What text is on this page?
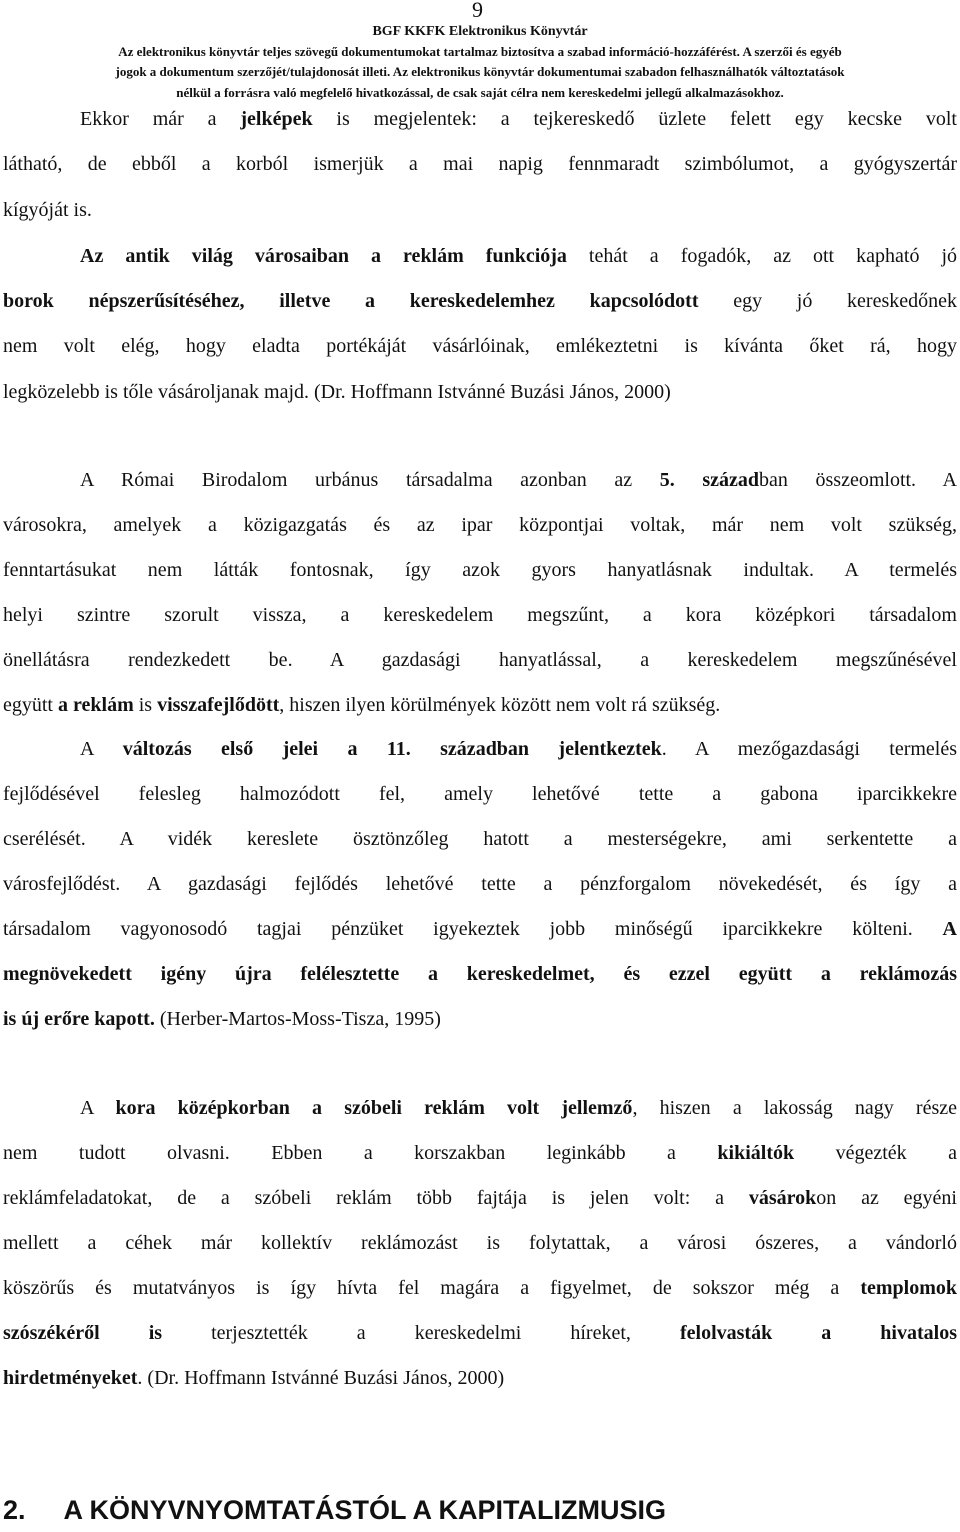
9
BGF KKFK Elektronikus Könyvtár
Az elektronikus könyvtár teljes szövegű dokumentumokat tartalmaz biztosítva a szabad információ-hozzáférést. A szerzői és egyéb
jogok a dokumentum szerzőjét/tulajdonosát illeti. Az elektronikus könyvtár dokumentumai szabadon felhasználhatók változtatások
nélkül a forrásra való megfelelő hivatkozással, de csak saját célra nem kereskedelmi jellegű alkalmazásokhoz.
Ekkor már a jelképek is megjelentek: a tejkereskedő üzlete felett egy kecske volt
látható, de ebből a korból ismerjük a mai napig fennmaradt szimbólumot, a gyógyszertár
kígyóját is.
Az antik világ városaiban a reklám funkciója tehát a fogadók, az ott kapható jó
borok népszerűsítéséhez, illetve a kereskedelemhez kapcsolódott egy jó kereskedőnek
nem volt elég, hogy eladta portékáját vásárlóinak, emlékeztetni is kívánta őket rá, hogy
legközelebb is tőle vásároljanak majd. (Dr. Hoffmann Istvánné Buzási János, 2000)
A Római Birodalom urbánus társadalma azonban az 5. században összeomlott. A
városokra, amelyek a közigazgatás és az ipar központjai voltak, már nem volt szükség,
fenntartásukat nem látták fontosnak, így azok gyors hanyatlásnak indultak. A termelés
helyi szintre szorult vissza, a kereskedelem megszűnt, a kora középkori társadalom
önellátásra rendezkedett be. A gazdasági hanyatlással, a kereskedelem megszűnésével
együtt a reklám is visszafejlődött, hiszen ilyen körülmények között nem volt rá szükség.
A változás első jelei a 11. században jelentkeztek. A mezőgazdasági termelés
fejlődésével felesleg halmozódott fel, amely lehetővé tette a gabona iparcikkekre
cserélését. A vidék kereslete ösztönzőleg hatott a mesterségekre, ami serkentette a
városfejlődést. A gazdasági fejlődés lehetővé tette a pénzforgalom növekedését, és így a
társadalom vagyonosodó tagjai pénzüket igyekeztek jobb minőségű iparcikkekre költeni. A
megnövekedett igény újra felélesztette a kereskedelmet, és ezzel együtt a reklámozás
is új erőre kapott. (Herber-Martos-Moss-Tisza, 1995)
A kora középkorban a szóbeli reklám volt jellemző, hiszen a lakosság nagy része
nem tudott olvasni. Ebben a korszakban leginkább a kikiáltók végezték a
reklámfeladatokat, de a szóbeli reklám több fajtája is jelen volt: a vásárokon az egyéni
mellett a céhek már kollektív reklámozást is folytattak, a városi ószeres, a vándorló
köszörűs és mutatványos is így hívta fel magára a figyelmet, de sokszor még a templomok
szószékéről is terjesztették a kereskedelmi híreket, felolvasták a hivatalos
hirdetményeket. (Dr. Hoffmann Istvánné Buzási János, 2000)
2. A KÖNYVNYOMTATÁSTÓL A KAPITALIZMUSIG
